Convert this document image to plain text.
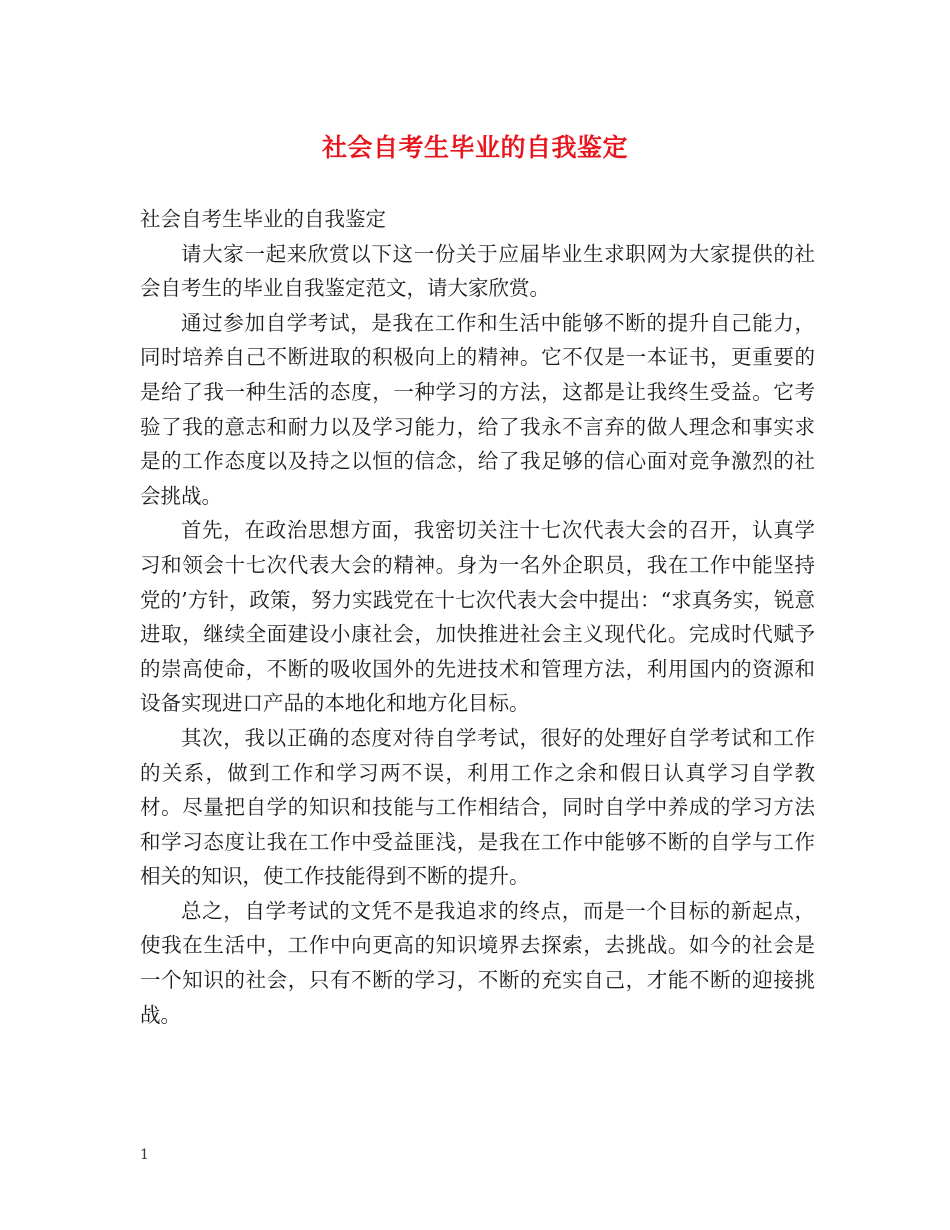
社会自考生毕业的自我鉴定

社会自考生毕业的自我鉴定

请大家一起来欣赏以下这一份关于应届毕业生求职网为大家提供的社会自考生的毕业自我鉴定范文，请大家欣赏。

通过参加自学考试，是我在工作和生活中能够不断的提升自己能力，同时培养自己不断进取的积极向上的精神。它不仅是一本证书，更重要的是给了我一种生活的态度，一种学习的方法，这都是让我终生受益。它考验了我的意志和耐力以及学习能力，给了我永不言弃的做人理念和事实求是的工作态度以及持之以恒的信念，给了我足够的信心面对竞争激烈的社会挑战。

首先，在政治思想方面，我密切关注十七次代表大会的召开，认真学习和领会十七次代表大会的精神。身为一名外企职员，我在工作中能坚持党的’方针，政策，努力实践党在十七次代表大会中提出：“求真务实，锐意进取，继续全面建设小康社会，加快推进社会主义现代化。完成时代赋予的崇高使命，不断的吸收国外的先进技术和管理方法，利用国内的资源和设备实现进口产品的本地化和地方化目标。

其次，我以正确的态度对待自学考试，很好的处理好自学考试和工作的关系，做到工作和学习两不误，利用工作之余和假日认真学习自学教材。尽量把自学的知识和技能与工作相结合，同时自学中养成的学习方法和学习态度让我在工作中受益匪浅，是我在工作中能够不断的自学与工作相关的知识，使工作技能得到不断的提升。

总之，自学考试的文凭不是我追求的终点，而是一个目标的新起点，使我在生活中，工作中向更高的知识境界去探索，去挑战。如今的社会是一个知识的社会，只有不断的学习，不断的充实自己，才能不断的迎接挑战。

1
